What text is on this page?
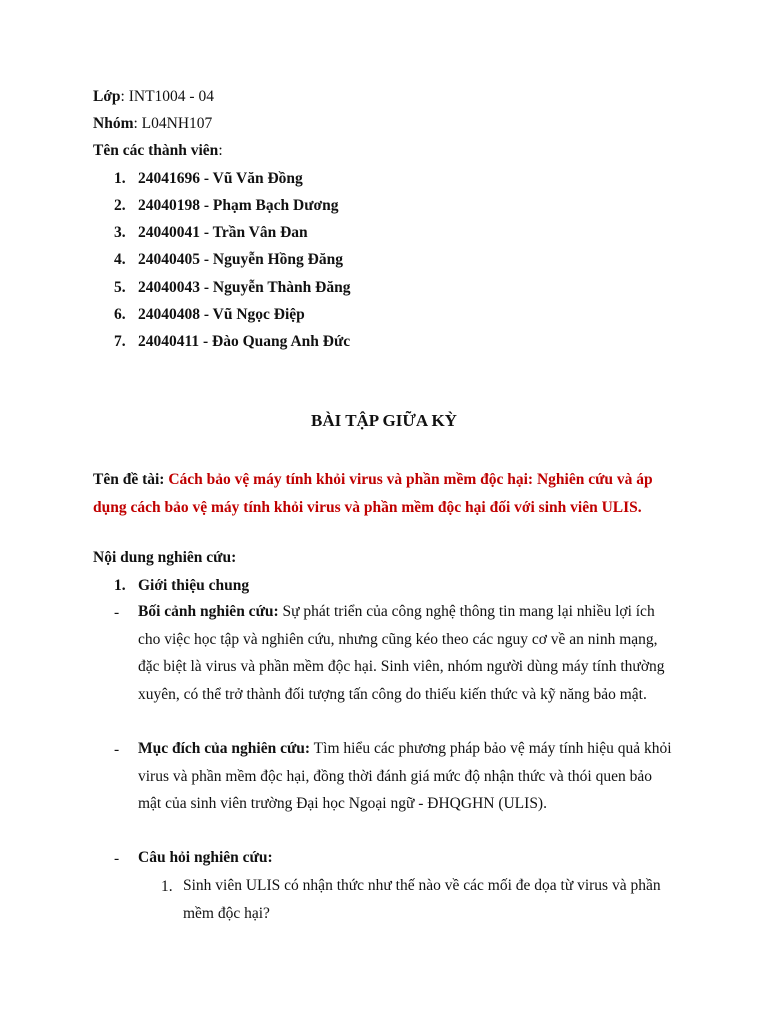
Lớp: INT1004 - 04
Nhóm: L04NH107
Tên các thành viên:
1. 24041696 - Vũ Văn Đồng
2. 24040198 - Phạm Bạch Dương
3. 24040041 - Trần Vân Đan
4. 24040405 - Nguyễn Hồng Đăng
5. 24040043 - Nguyễn Thành Đăng
6. 24040408 - Vũ Ngọc Điệp
7. 24040411 - Đào Quang Anh Đức
BÀI TẬP GIỮA KỲ
Tên đề tài: Cách bảo vệ máy tính khỏi virus và phần mềm độc hại: Nghiên cứu và áp dụng cách bảo vệ máy tính khỏi virus và phần mềm độc hại đối với sinh viên ULIS.
Nội dung nghiên cứu:
1. Giới thiệu chung
- Bối cảnh nghiên cứu: Sự phát triển của công nghệ thông tin mang lại nhiều lợi ích cho việc học tập và nghiên cứu, nhưng cũng kéo theo các nguy cơ về an ninh mạng, đặc biệt là virus và phần mềm độc hại. Sinh viên, nhóm người dùng máy tính thường xuyên, có thể trở thành đối tượng tấn công do thiếu kiến thức và kỹ năng bảo mật.
- Mục đích của nghiên cứu: Tìm hiểu các phương pháp bảo vệ máy tính hiệu quả khỏi virus và phần mềm độc hại, đồng thời đánh giá mức độ nhận thức và thói quen bảo mật của sinh viên trường Đại học Ngoại ngữ - ĐHQGHN (ULIS).
- Câu hỏi nghiên cứu:
1. Sinh viên ULIS có nhận thức như thế nào về các mối đe dọa từ virus và phần mềm độc hại?
